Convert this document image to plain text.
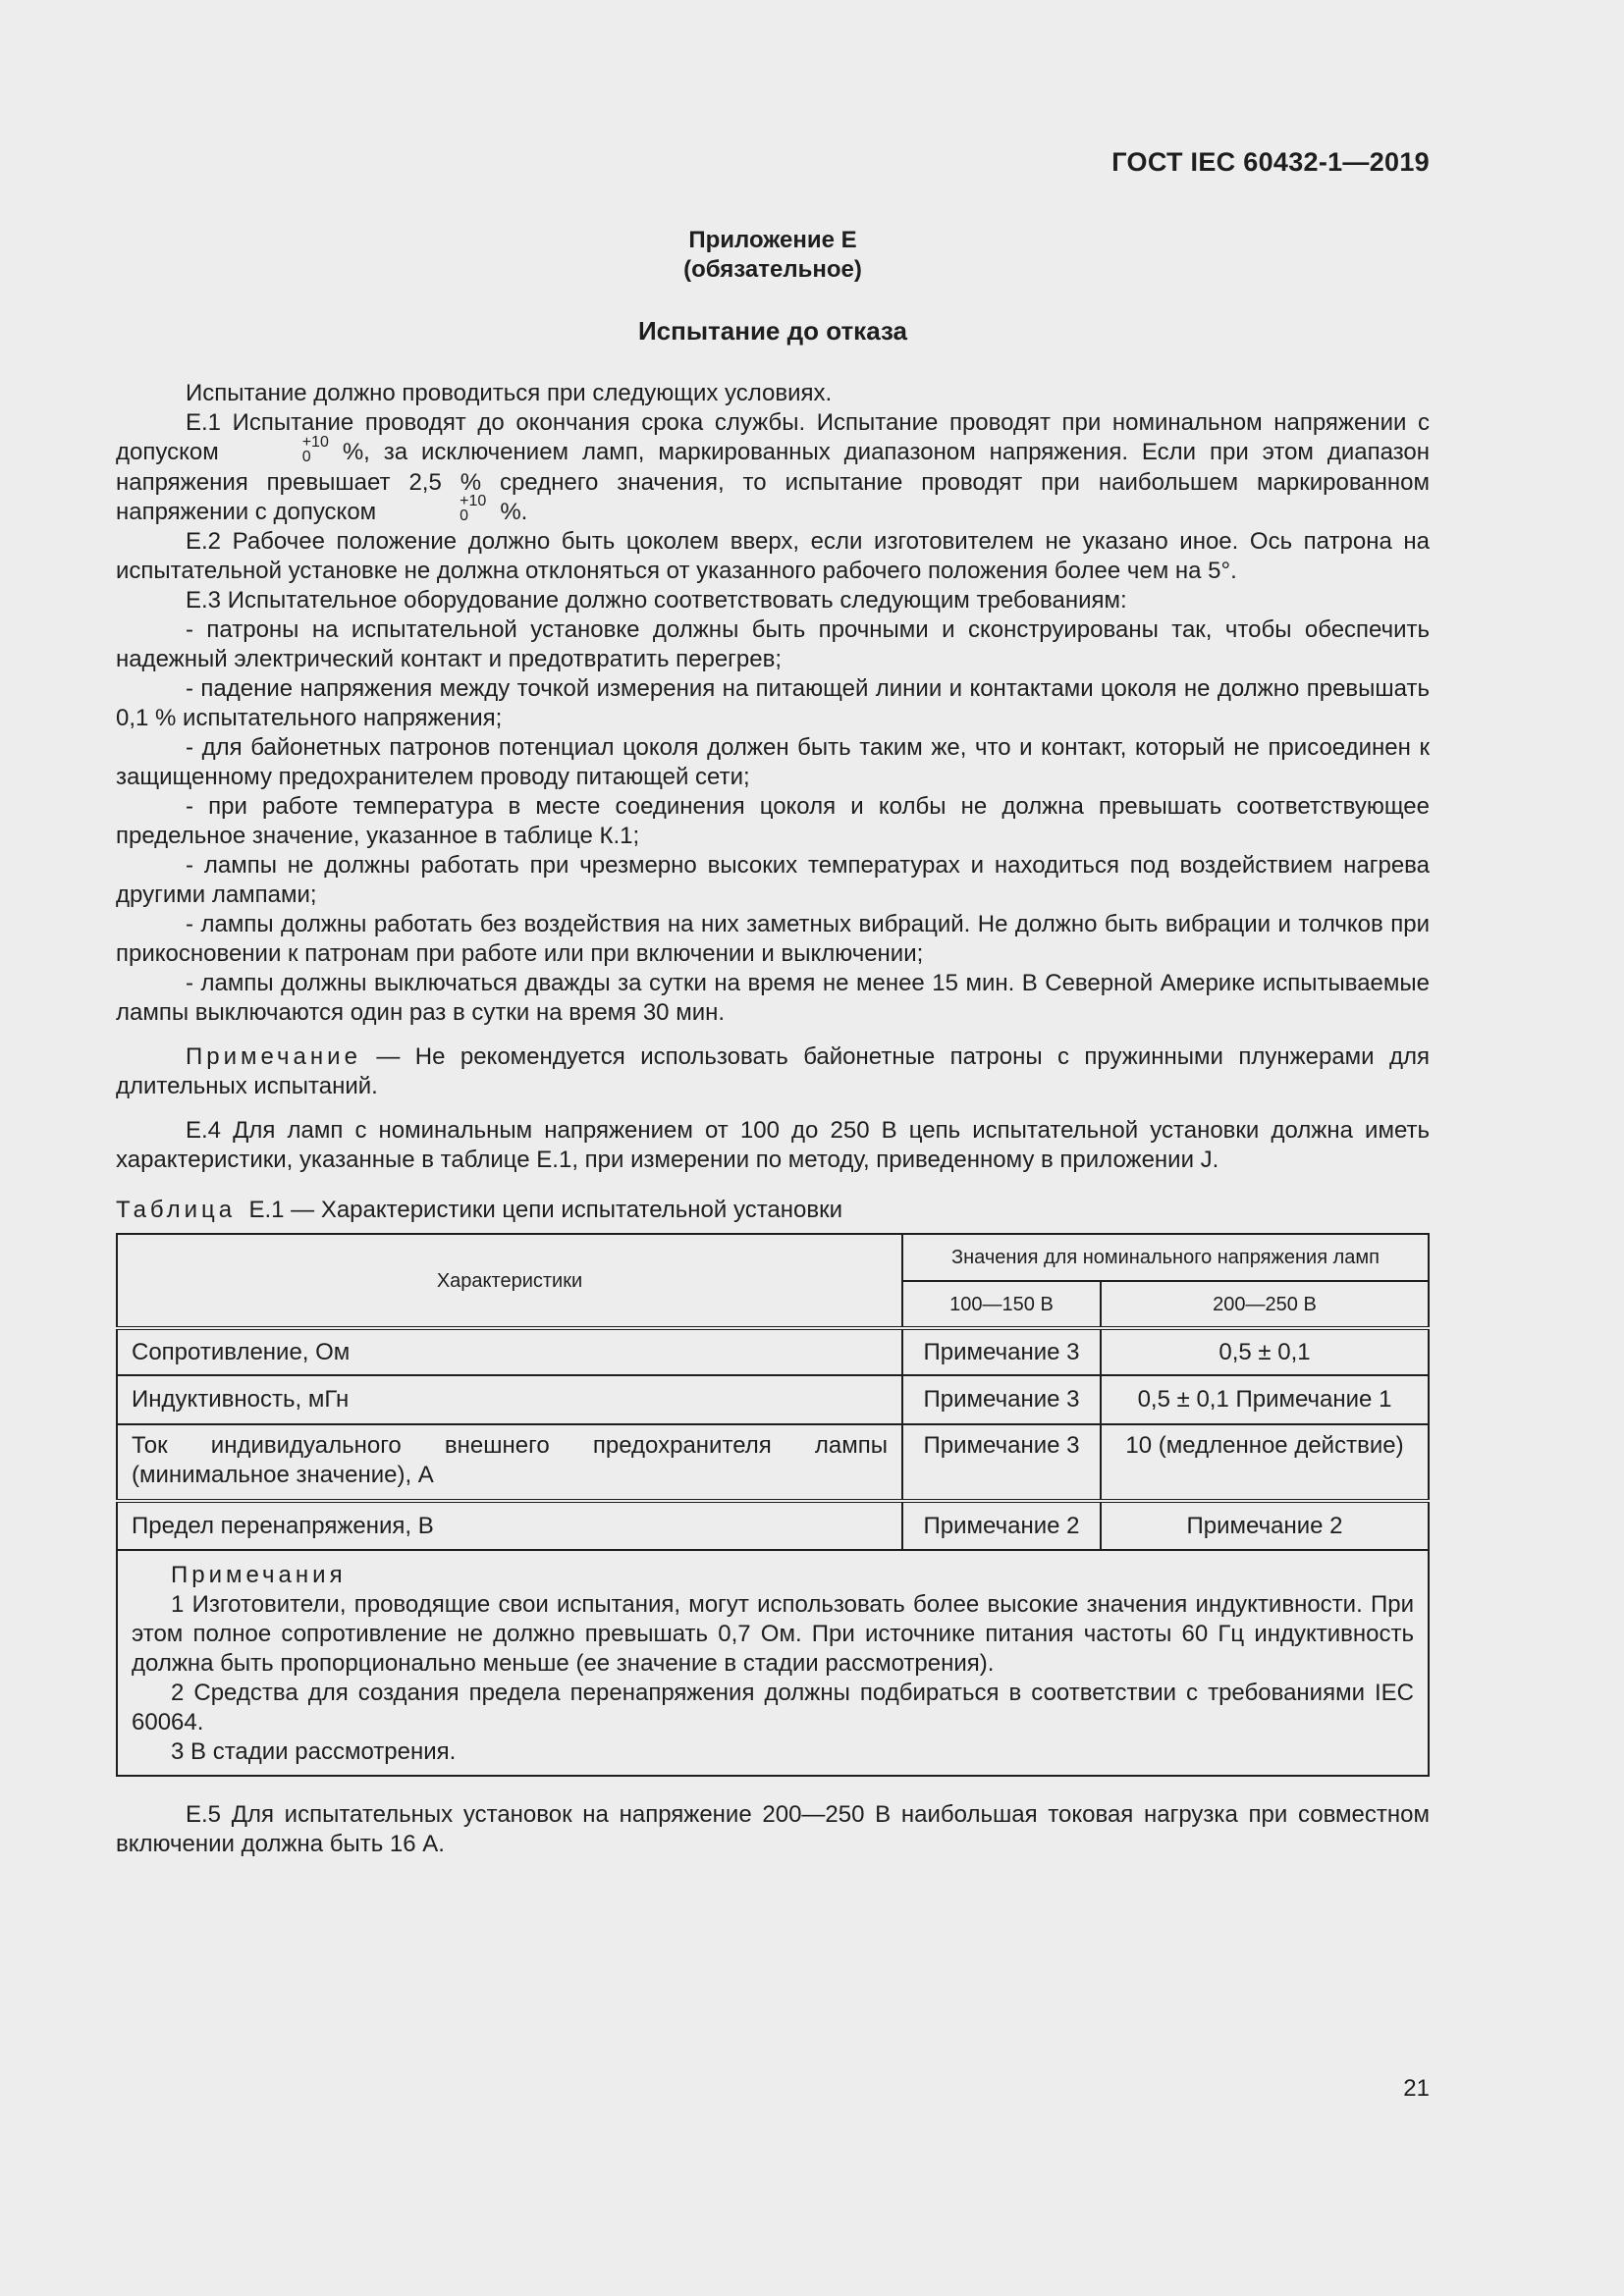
ГОСТ IEC 60432-1—2019
Приложение Е
(обязательное)
Испытание до отказа

Испытание должно проводиться при следующих условиях.

Е.1 Испытание проводят до окончания срока службы. Испытание проводят при номинальном напряжении с допуском	+10
0	%, за исключением ламп, маркированных диапазоном напряжения. Если при этом диапазон напряжения превышает 2,5 % среднего значения, то испытание проводят при наибольшем маркированном напряжении с допуском	+10
0	%.

Е.2 Рабочее положение должно быть цоколем вверх, если изготовителем не указано иное. Ось патрона на испытательной установке не должна отклоняться от указанного рабочего положения более чем на 5°.

Е.3 Испытательное оборудование должно соответствовать следующим требованиям:

- патроны на испытательной установке должны быть прочными и сконструированы так, чтобы обеспечить надежный электрический контакт и предотвратить перегрев;

- падение напряжения между точкой измерения на питающей линии и контактами цоколя не должно превышать 0,1 % испытательного напряжения;

- для байонетных патронов потенциал цоколя должен быть таким же, что и контакт, который не присоединен к защищенному предохранителем проводу питающей сети;

- при работе температура в месте соединения цоколя и колбы не должна превышать соответствующее предельное значение, указанное в таблице К.1;

- лампы не должны работать при чрезмерно высоких температурах и находиться под воздействием нагрева другими лампами;

- лампы должны работать без воздействия на них заметных вибраций. Не должно быть вибрации и толчков при прикосновении к патронам при работе или при включении и выключении;

- лампы должны выключаться дважды за сутки на время не менее 15 мин. В Северной Америке испытываемые лампы выключаются один раз в сутки на время 30 мин.

Примечание — Не рекомендуется использовать байонетные патроны с пружинными плунжерами для длительных испытаний.

Е.4 Для ламп с номинальным напряжением от 100 до 250 В цепь испытательной установки должна иметь характеристики, указанные в таблице Е.1, при измерении по методу, приведенному в приложении J.

Таблица Е.1 — Характеристики цепи испытательной установки
Характеристики	Значения для номинального напряжения ламп	
	100—150 В	200—250 В
Сопротивление, Ом	Примечание 3	0,5 ± 0,1
Индуктивность, мГн	Примечание 3	0,5 ± 0,1 Примечание 1
Ток индивидуального внешнего предохранителя лампы (минимальное значение), А	Примечание 3	10 (медленное действие)
Предел перенапряжения, В	Примечание 2	Примечание 2

Примечания
1 Изготовители, проводящие свои испытания, могут использовать более высокие значения индуктивности. При этом полное сопротивление не должно превышать 0,7 Ом. При источнике питания частоты 60 Гц индуктивность должна быть пропорционально меньше (ее значение в стадии рассмотрения).
2 Средства для создания предела перенапряжения должны подбираться в соответствии с требованиями IEC 60064.
3 В стадии рассмотрения.		

Е.5 Для испытательных установок на напряжение 200—250 В наибольшая токовая нагрузка при совместном включении должна быть 16 А.

21
